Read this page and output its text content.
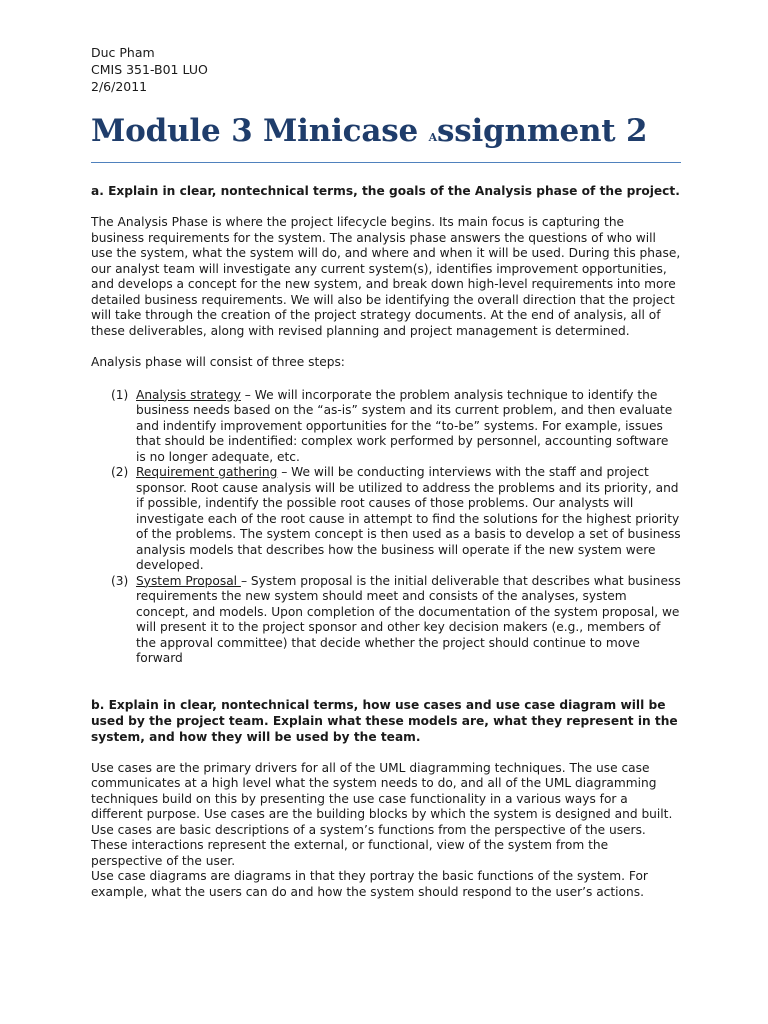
Duc Pham

CMIS 351-B01 LUO

2/6/2011

Module 3 Minicase Assignment 2

a. Explain in clear, nontechnical terms, the goals of the Analysis phase of the project.

The Analysis Phase is where the project lifecycle begins. Its main focus is capturing the business requirements for the system. The analysis phase answers the questions of who will use the system, what the system will do, and where and when it will be used. During this phase, our analyst team will investigate any current system(s), identifies improvement opportunities, and develops a concept for the new system, and break down high-level requirements into more detailed business requirements. We will also be identifying the overall direction that the project will take through the creation of the project strategy documents. At the end of analysis, all of these deliverables, along with revised planning and project management is determined.

Analysis phase will consist of three steps:

(1) Analysis strategy – We will incorporate the problem analysis technique to identify the business needs based on the “as-is” system and its current problem, and then evaluate and indentify improvement opportunities for the “to-be” systems. For example, issues that should be indentified: complex work performed by personnel, accounting software is no longer adequate, etc.
(2) Requirement gathering – We will be conducting interviews with the staff and project sponsor. Root cause analysis will be utilized to address the problems and its priority, and if possible, indentify the possible root causes of those problems. Our analysts will investigate each of the root cause in attempt to find the solutions for the highest priority of the problems. The system concept is then used as a basis to develop a set of business analysis models that describes how the business will operate if the new system were developed.
(3) System Proposal – System proposal is the initial deliverable that describes what business requirements the new system should meet and consists of the analyses, system concept, and models. Upon completion of the documentation of the system proposal, we will present it to the project sponsor and other key decision makers (e.g., members of the approval committee) that decide whether the project should continue to move forward

b. Explain in clear, nontechnical terms, how use cases and use case diagram will be used by the project team. Explain what these models are, what they represent in the system, and how they will be used by the team.

Use cases are the primary drivers for all of the UML diagramming techniques. The use case communicates at a high level what the system needs to do, and all of the UML diagramming techniques build on this by presenting the use case functionality in a various ways for a different purpose. Use cases are the building blocks by which the system is designed and built. Use cases are basic descriptions of a system’s functions from the perspective of the users. These interactions represent the external, or functional, view of the system from the perspective of the user.

Use case diagrams are diagrams in that they portray the basic functions of the system. For example, what the users can do and how the system should respond to the user’s actions.
